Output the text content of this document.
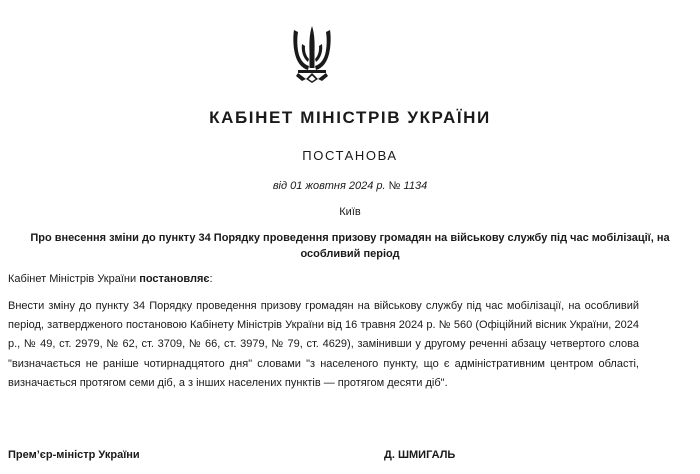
КАБІНЕТ МІНІСТРІВ УКРАЇНИ
ПОСТАНОВА
від 01 жовтня 2024 р. № 1134
Київ
Про внесення зміни до пункту 34 Порядку проведення призову громадян на військову службу під час мобілізації, на особливий період
Кабінет Міністрів України постановляє:
Внести зміну до пункту 34 Порядку проведення призову громадян на військову службу під час мобілізації, на особливий період, затвердженого постановою Кабінету Міністрів України від 16 травня 2024 р. № 560 (Офіційний вісник України, 2024 р., № 49, ст. 2979, № 62, ст. 3709, № 66, ст. 3979, № 79, ст. 4629), замінивши у другому реченні абзацу четвертого слова "визначається не раніше чотирнадцятого дня" словами "з населеного пункту, що є адміністративним центром області, визначається протягом семи діб, а з інших населених пунктів — протягом десяти діб".
Прем’єр-міністр України	Д. ШМИГАЛЬ
